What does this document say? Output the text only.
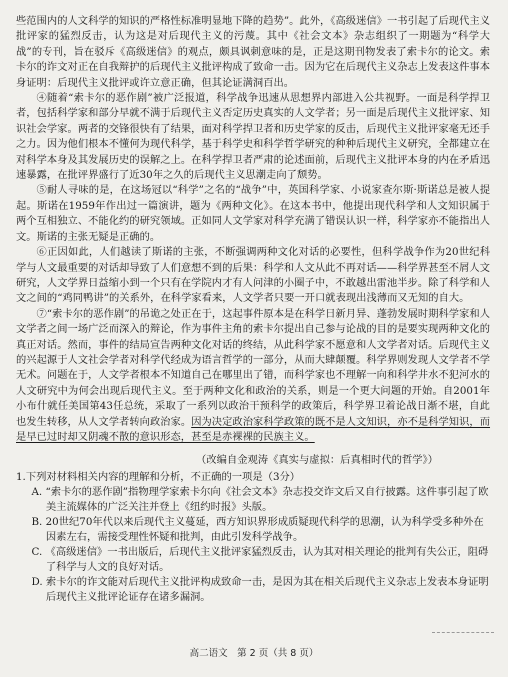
些范围内的人文科学的知识的严格性标准明显地下降的趋势”。此外，《高级迷信》一书引起了后现代主义批评家的猛烈反击，认为这是对后现代主义的污蔑。其中《社会文本》杂志组织了一期题为“科学大战”的专刊，旨在驳斥《高级迷信》的观点，颇具讽刺意味的是，正是这期刊物发表了索卡尔的论文。索卡尔的诈文对正在自我辩护的后现代主义批评构成了致命一击。因为它在后现代主义杂志上发表这件事本身证明：后现代主义批评或许立意正确，但其论证满洞百出。

④随着“索卡尔的恶作剧”被广泛报道，科学战争迅速从思想界内部进入公共视野。一面是科学捍卫者，包括科学家和部分早就不满于后现代主义否定历史真实的人文学者；另一面是后现代主义批评家、知识社会学家。两者的交锋很快有了结果，面对科学捍卫者和历史学家的反击，后现代主义批评家毫无还手之力。因为他们根本不懂何为现代科学，基于科学史和科学哲学研究的种种后现代主义研究，全都建立在对科学本身及其发展历史的误解之上。在科学捍卫者严肃的论述面前，后现代主义批评本身的内在矛盾迅速暴露，在批评界盛行了近30年之久的后现代主义思潮走向了颓势。

⑤耐人寻味的是，在这场冠以“科学”之名的“战争”中，英国科学家、小说家查尔斯·斯诺总是被人提起。斯诺在1959年作出过一篇演讲，题为《两种文化》。在这本书中，他提出现代科学和人文知识属于两个互相独立、不能化约的研究领域。正如同人文学家对科学充满了错误认识一样，科学家亦不能指出人文。斯诺的主张无疑是正确的。

⑥正因如此，人们越读了斯诺的主张，不断强调两种文化对话的必要性，但科学战争作为20世纪科学与人文最重要的对话却导致了人们意想不到的后果：科学和人文从此不再对话——科学界甚至不屑人文研究，人文学界日益缩小到一个只有在学院内才有人问津的小圈子中，不敢越出雷池半步。除了科学和人文之间的“鸡同鸭讲”的关系外，在科学家看来，人文学者只要一开口就表现出浅薄而又无知的自大。

⑦“索卡尔的恶作剧”的吊诡之处正在于，这起事件原本是在科学日新月异、蓬勃发展时期科学家和人文学者之间一场广泛而深入的辩论，作为事件主角的索卡尔提出自己参与论战的目的是要实现两种文化的真正对话。然而，事件的结局宣告两种文化对话的终结，从此科学家不愿意和人文学者对话。后现代主义的兴起源于人文社会学者对科学代经成为语言哲学的一部分，从而大肆颠覆。科学界则发现人文学者不学无术。问题在于，人文学者根本不知道自己在哪里出了错，而科学家也不理解一向和科学井水不犯河水的人文研究中为何会出现后现代主义。至于两种文化和政治的关系，则是一个更大问题的开始。自2001年小布什就任美国第43任总统，采取了一系列以政治干预科学的政策后，科学界卫着论战日渐不堪，自此也发生转移，从人文学者转向政治家。因为决定政治家科学政策的既不是人文知识，亦不是科学知识，而是早已过时却又阴魂不散的意识形态，甚至是赤裸裸的民族主义。

（改编自金观涛《真实与虚拟：后真相时代的哲学》）

1.下列对材料相关内容的理解和分析，不正确的一项是（3分）

A. “索卡尔的恶作剧”指物理学家索卡尔向《社会文本》杂志投交诈文后又自行披露。这件事引起了欧美主流媒体的广泛关注并登上《纽约时报》头版。

B. 20世纪70年代以来后现代主义蔓延，西方知识界形成质疑现代科学的思潮，认为科学受多种外在因素左右，需接受理性怀疑和批判，由此引发科学战争。

C. 《高级迷信》一书出版后，后现代主义批评家猛烈反击，认为其对相关理论的批判有失公正，阻碍了科学与人文的良好对话。

D. 索卡尔的诈文能对后现代主义批评构成致命一击，是因为其在相关后现代主义杂志上发表本身证明后现代主义批评论证存在诸多漏洞。

高二语文　第 2 页（共 8 页）
